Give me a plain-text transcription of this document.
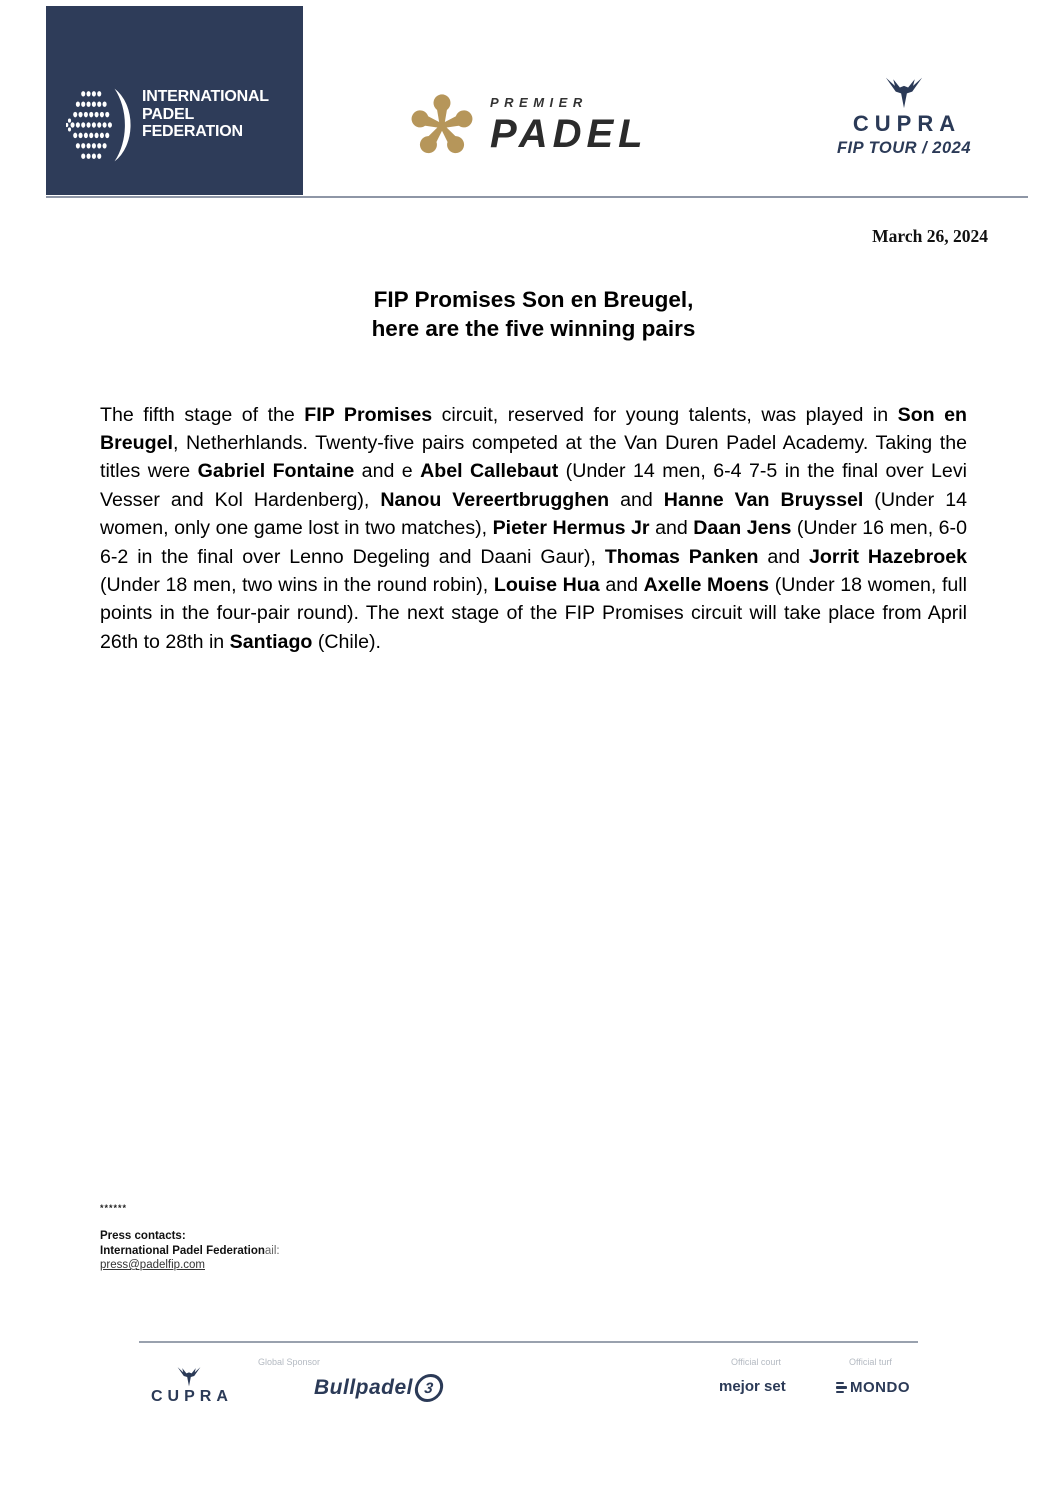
INTERNATIONAL
PADEL
FEDERATION
PREMIER
PADEL	CUPRA
FIP TOUR / 2024
March 26, 2024
FIP Promises Son en Breugel,
here are the five winning pairs

The fifth stage of the FIP Promises circuit, reserved for young talents, was played in Son en Breugel, Netherhlands. Twenty-five pairs competed at the Van Duren Padel Academy. Taking the titles were Gabriel Fontaine and e Abel Callebaut (Under 14 men, 6-4 7-5 in the final over Levi Vesser and Kol Hardenberg), Nanou Vereertbrugghen and Hanne Van Bruyssel (Under 14 women, only one game lost in two matches), Pieter Hermus Jr and Daan Jens (Under 16 men, 6-0 6-2 in the final over Lenno Degeling and Daani Gaur), Thomas Panken and Jorrit Hazebroek (Under 18 men, two wins in the round robin), Louise Hua and Axelle Moens (Under 18 women, full points in the four-pair round). The next stage of the FIP Promises circuit will take place from April 26th to 28th in Santiago (Chile).

******
Press contacts:
International Padel Federationail:
press@padelfip.com
Global Sponsor	Official court	Official turf
CUPRA	Bullpadel 3	mejor set	MONDO
